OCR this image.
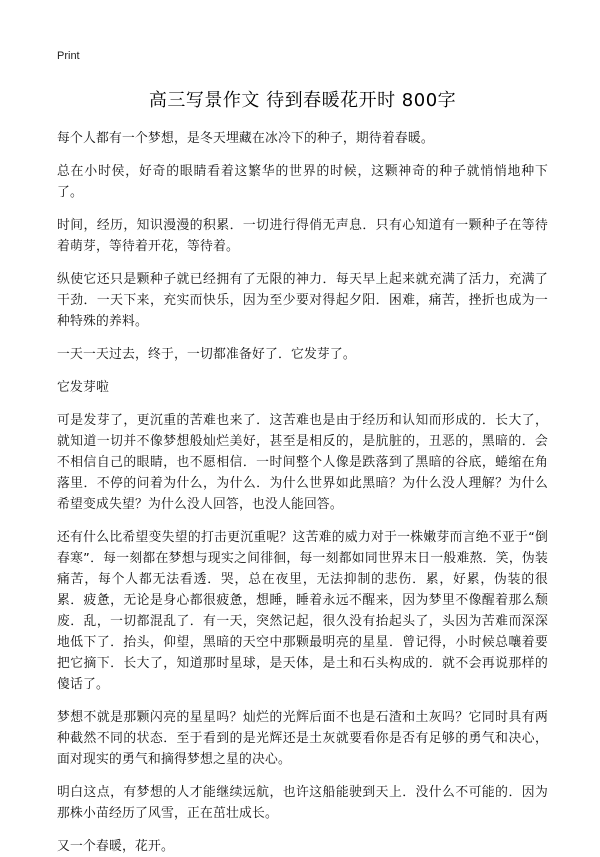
Print
高三写景作文 待到春暖花开时 800字

每个人都有一个梦想，是冬天埋藏在冰冷下的种子，期待着春暖。

总在小时侯，好奇的眼睛看着这繁华的世界的时候，这颗神奇的种子就悄悄地种下了。

时间，经历，知识漫漫的积累．一切进行得俏无声息．只有心知道有一颗种子在等待着萌芽，等待着开花，等待着。

纵使它还只是颗种子就已经拥有了无限的神力．每天早上起来就充满了活力，充满了干劲．一天下来，充实而快乐，因为至少要对得起夕阳．困难，痛苦，挫折也成为一种特殊的养料。

一天一天过去，终于，一切都准备好了．它发芽了。

它发芽啦

可是发芽了，更沉重的苦难也来了．这苦难也是由于经历和认知而形成的．长大了，就知道一切并不像梦想般灿烂美好，甚至是相反的，是肮脏的，丑恶的，黑暗的．会不相信自己的眼睛，也不愿相信．一时间整个人像是跌落到了黑暗的谷底，蜷缩在角落里．不停的问着为什么，为什么．为什么世界如此黑暗？为什么没人理解？为什么希望变成失望？为什么没人回答，也没人能回答。

还有什么比希望变失望的打击更沉重呢？这苦难的威力对于一株嫩芽而言绝不亚于“倒春寒”．每一刻都在梦想与现实之间徘徊，每一刻都如同世界末日一般难熬．笑，伪装痛苦，每个人都无法看透．哭，总在夜里，无法抑制的悲伤．累，好累，伪装的很累．疲惫，无论是身心都很疲惫，想睡，睡着永远不醒来，因为梦里不像醒着那么颓废．乱，一切都混乱了．有一天，突然记起，很久没有抬起头了，头因为苦难而深深地低下了．抬头，仰望，黑暗的天空中那颗最明亮的星星．曾记得，小时候总嚷着要把它摘下．长大了，知道那时星球，是天体，是土和石头构成的．就不会再说那样的傻话了。

梦想不就是那颗闪亮的星星吗？灿烂的光辉后面不也是石渣和土灰吗？它同时具有两种截然不同的状态．至于看到的是光辉还是土灰就要看你是否有足够的勇气和决心，面对现实的勇气和摘得梦想之星的决心。

明白这点，有梦想的人才能继续远航，也许这船能驶到天上．没什么不可能的．因为那株小苗经历了风雪，正在茁壮成长。

又一个春暖，花开。
